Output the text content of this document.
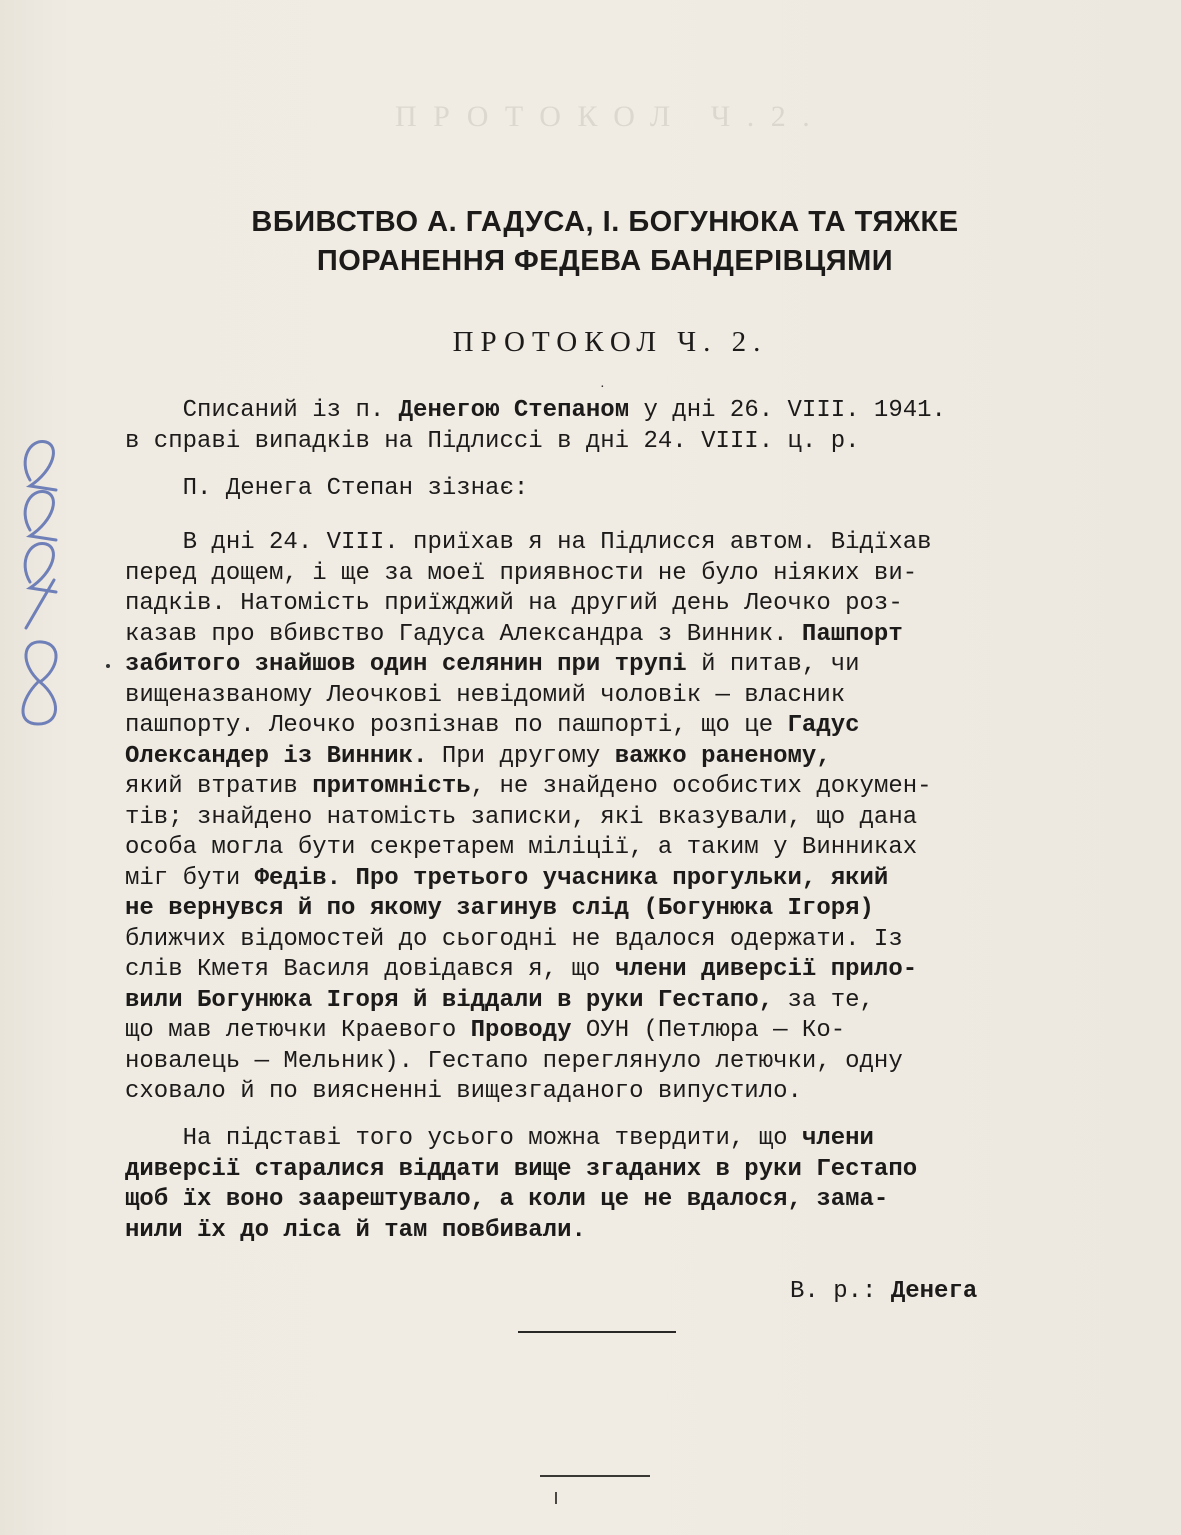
ПРОТОКОЛ Ч.2.
ВБИВСТВО А. ГАДУСА, І. БОГУНЮКА ТА ТЯЖКЕ
ПОРАНЕННЯ ФЕДЕВА БАНДЕРІВЦЯМИ
ПРОТОКОЛ Ч. 2.
·
Списаний із п. Денегою Степаном у дні 26. VIII. 1941.
в справі випадків на Підлиссі в дні 24. VIII. ц. р.
П. Денега Степан зізнає:
В дні 24. VIII. приїхав я на Підлисся автом. Відїхав
перед дощем, і ще за моеї приявности не було ніяких ви-
падків. Натомість приїжджий на другий день Леочко роз-
казав про вбивство Гадуса Александра з Винник. Пашпорт
забитого знайшов один селянин при трупі й питав, чи
вищеназваному Леочкові невідомий чоловік — власник
пашпорту. Леочко розпізнав по пашпорті, що це Гадус
Олександер із Винник. При другому важко раненому,
який втратив притомність, не знайдено особистих докумен-
тів; знайдено натомість записки, які вказували, що дана
особа могла бути секретарем міліції, а таким у Винниках
міг бути Федів. Про третього учасника прогульки, який
не вернувся й по якому загинув слід (Богунюка Ігоря)
ближчих відомостей до сьогодні не вдалося одержати. Із
слів Кметя Василя довідався я, що члени диверсії прило-
вили Богунюка Ігоря й віддали в руки Гестапо, за те,
що мав летючки Краевого Проводу ОУН (Петлюра — Ко-
новалець — Мельник). Гестапо переглянуло летючки, одну
сховало й по виясненні вищезгаданого випустило.
На підставі того усього можна твердити, що члени
диверсії старалися віддати вище згаданих в руки Гестапо
щоб їх воно заарештувало, а коли це не вдалося, зама-
нили їх до ліса й там повбивали.
В. р.: Денега
